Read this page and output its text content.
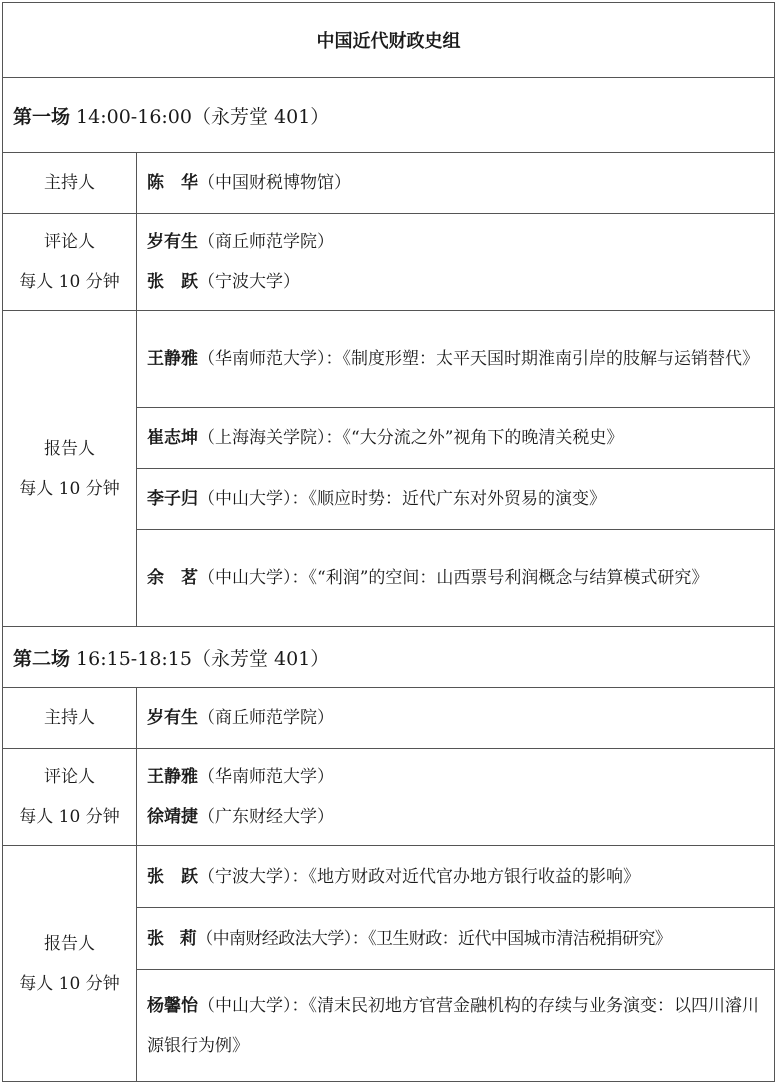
中国近代财政史组	
第一场 14:00-16:00（永芳堂 401）	
主持人	陈　华（中国财税博物馆）

评论人
每人 10 分钟	岁有生（商丘师范学院）
张　跃（宁波大学）

报告人
每人 10 分钟	王静雅（华南师范大学）：《制度形塑：太平天国时期淮南引岸的肢解与运销替代》

	崔志坤（上海海关学院）：《“大分流之外”视角下的晚清关税史》

	李子归（中山大学）：《顺应时势：近代广东对外贸易的演变》

	余　茗（中山大学）：《“利润”的空间：山西票号利润概念与结算模式研究》

第二场 16:15-18:15（永芳堂 401）	
主持人	岁有生（商丘师范学院）

评论人
每人 10 分钟	王静雅（华南师范大学）
徐靖捷（广东财经大学）

报告人
每人 10 分钟	张　跃（宁波大学）：《地方财政对近代官办地方银行收益的影响》

	张　莉（中南财经政法大学）：《卫生财政：近代中国城市清洁税捐研究》

	杨馨怡（中山大学）：《清末民初地方官营金融机构的存续与业务演变：以四川濬川源银行为例》
